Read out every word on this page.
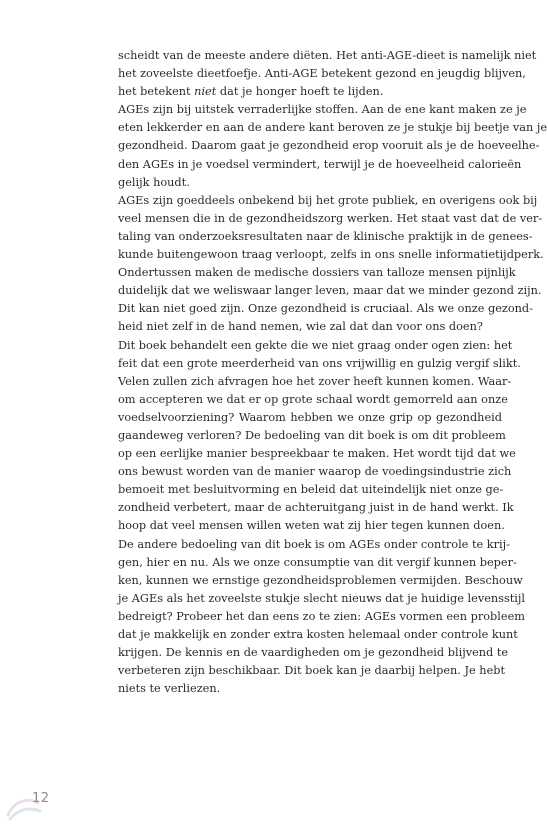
scheidt van de meeste andere diëten. Het anti-AGE-dieet is namelijk niet
het zoveelste dieetfoefje. Anti-AGE betekent gezond en jeugdig blijven,
het betekent niet dat je honger hoeft te lijden.
AGEs zijn bij uitstek verraderlijke stoffen. Aan de ene kant maken ze je
eten lekkerder en aan de andere kant beroven ze je stukje bij beetje van je
gezondheid. Daarom gaat je gezondheid erop vooruit als je de hoeveelhe-
den AGEs in je voedsel vermindert, terwijl je de hoeveelheid calorieën
gelijk houdt.
AGEs zijn goeddeels onbekend bij het grote publiek, en overigens ook bij
veel mensen die in de gezondheidszorg werken. Het staat vast dat de ver-
taling van onderzoeksresultaten naar de klinische praktijk in de genees-
kunde buitengewoon traag verloopt, zelfs in ons snelle informatietijdperk.
Ondertussen maken de medische dossiers van talloze mensen pijnlijk
duidelijk dat we weliswaar langer leven, maar dat we minder gezond zijn.
Dit kan niet goed zijn. Onze gezondheid is cruciaal. Als we onze gezond-
heid niet zelf in de hand nemen, wie zal dat dan voor ons doen?
Dit boek behandelt een gekte die we niet graag onder ogen zien: het
feit dat een grote meerderheid van ons vrijwillig en gulzig vergif slikt.
Velen zullen zich afvragen hoe het zover heeft kunnen komen. Waar-
om accepteren we dat er op grote schaal wordt gemorreld aan onze
voedselvoorziening? Waarom hebben we onze grip op gezondheid
gaandeweg verloren? De bedoeling van dit boek is om dit probleem
op een eerlijke manier bespreekbaar te maken. Het wordt tijd dat we
ons bewust worden van de manier waarop de voedingsindustrie zich
bemoeit met besluitvorming en beleid dat uiteindelijk niet onze ge-
zondheid verbetert, maar de achteruitgang juist in de hand werkt. Ik
hoop dat veel mensen willen weten wat zij hier tegen kunnen doen.
De andere bedoeling van dit boek is om AGEs onder controle te krij-
gen, hier en nu. Als we onze consumptie van dit vergif kunnen beper-
ken, kunnen we ernstige gezondheidsproblemen vermijden. Beschouw
je AGEs als het zoveelste stukje slecht nieuws dat je huidige levensstijl
bedreigt? Probeer het dan eens zo te zien: AGEs vormen een probleem
dat je makkelijk en zonder extra kosten helemaal onder controle kunt
krijgen. De kennis en de vaardigheden om je gezondheid blijvend te
verbeteren zijn beschikbaar. Dit boek kan je daarbij helpen. Je hebt
niets te verliezen.
12
